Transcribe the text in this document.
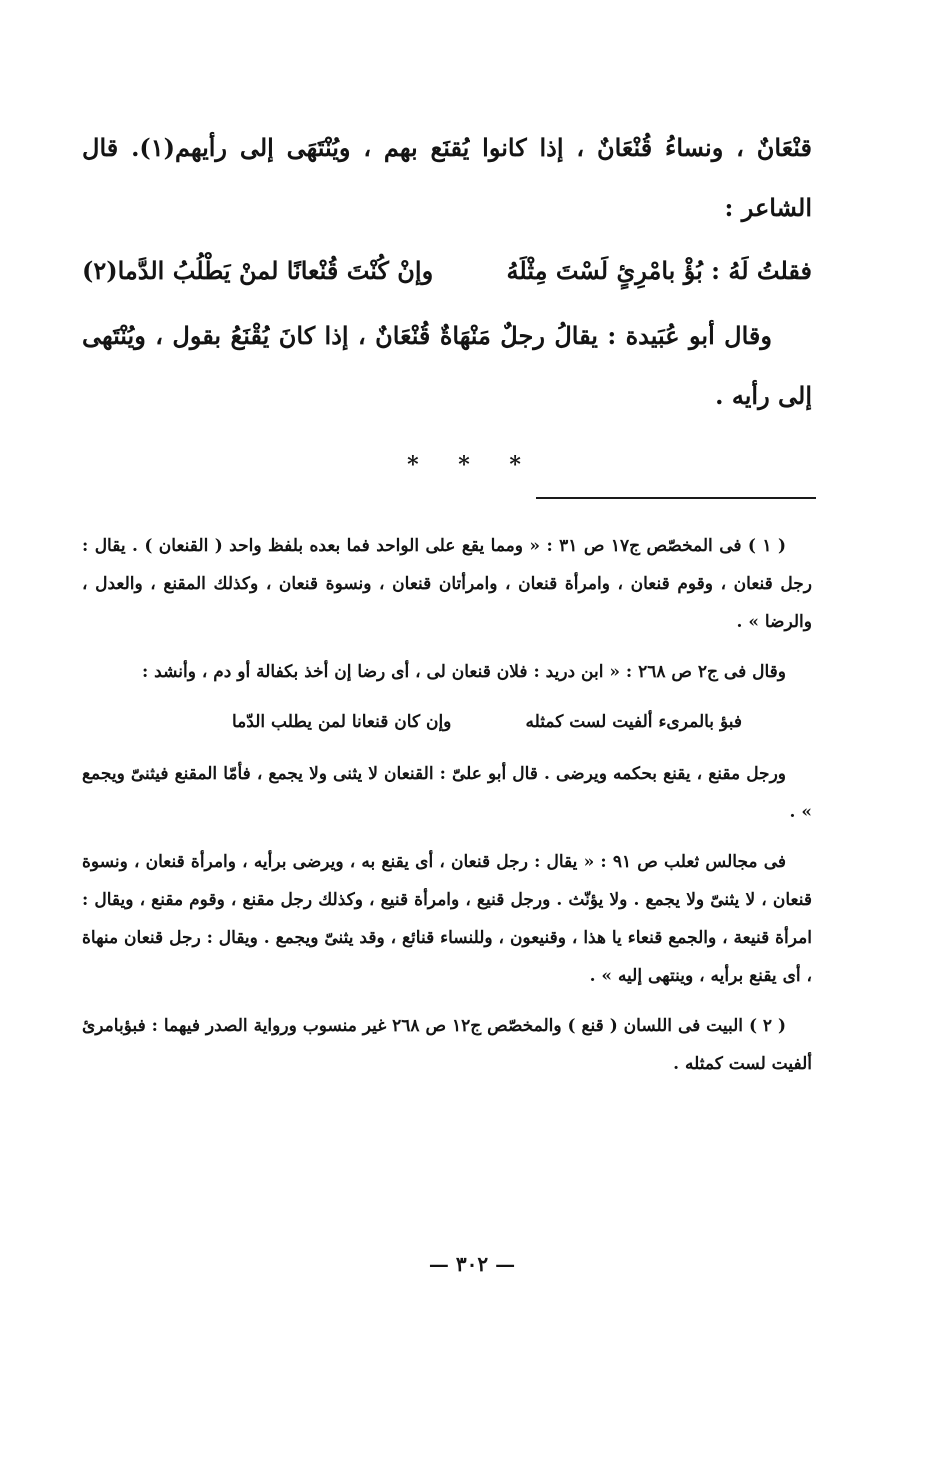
قنْعَانٌ ، ونساءُ قُنْعَانٌ ، إذا كانوا يُقنَع بهم ، ويُنْتَهَى إلى رأيهم(١). قال الشاعر :

فقلتُ لَهُ : بُؤْ بامْرِئٍ لَسْتَ مِثْلَهُ
وإنْ كُنْتَ قُنْعانًا لمنْ يَطْلُبُ الدَّما(٢)

وقال أبو عُبَيدة : يقالُ رجلٌ مَنْهَاةٌ قُنْعَانٌ ، إذا كانَ يُقْنَعُ بقول ، ويُنْتَهى إلى رأيه .

* * *

( ١ ) فى المخصّص ج١٧ ص ٣١ : « ومما يقع على الواحد فما بعده بلفظ واحد ( القنعان ) . يقال : رجل قنعان ، وقوم قنعان ، وامرأة قنعان ، وامرأتان قنعان ، ونسوة قنعان ، وكذلك المقنع ، والعدل ، والرضا » .

وقال فى ج٢ ص ٢٦٨ : « ابن دريد : فلان قنعان لى ، أى رضا إن أخذ بكفالة أو دم ، وأنشد :

فبؤ بالمرىء ألفيت لست كمثله
وإن كان قنعانا لمن يطلب الدّما

ورجل مقنع ، يقنع بحكمه ويرضى . قال أبو علىّ : القنعان لا يثنى ولا يجمع ، فأمّا المقنع فيثنىّ ويجمع » .

فى مجالس ثعلب ص ٩١ : « يقال : رجل قنعان ، أى يقنع به ، ويرضى برأيه ، وامرأة قنعان ، ونسوة قنعان ، لا يثنىّ ولا يجمع . ولا يؤنّث . ورجل قنيع ، وامرأة قنيع ، وكذلك رجل مقنع ، وقوم مقنع ، ويقال : امرأة قنيعة ، والجمع قنعاء يا هذا ، وقنيعون ، وللنساء قنائع ، وقد يثنىّ ويجمع . ويقال : رجل قنعان منهاة ، أى يقنع برأيه ، وينتهى إليه » .

( ٢ ) البيت فى اللسان ( قنع ) والمخصّص ج١٢ ص ٢٦٨ غير منسوب ورواية الصدر فيهما : فبؤبامرئ ألفيت لست كمثله .

— ٣٠٢ —
